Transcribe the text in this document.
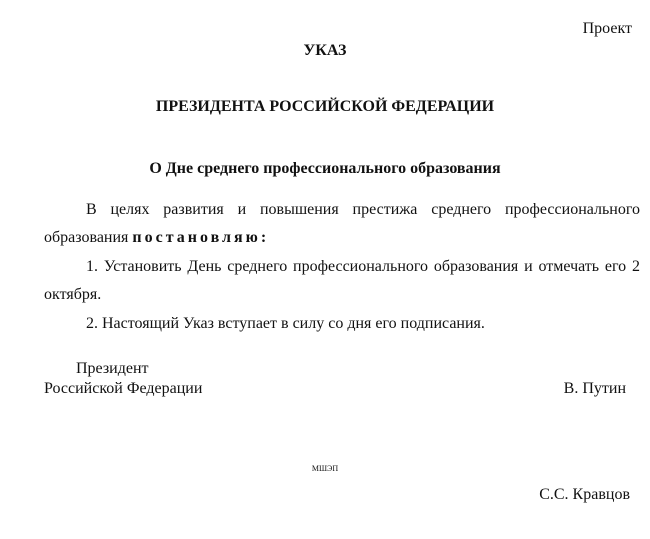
Проект
УКАЗ
ПРЕЗИДЕНТА РОССИЙСКОЙ ФЕДЕРАЦИИ
О Дне среднего профессионального образования
В целях развития и повышения престижа среднего профессионального образования постановляю:
1. Установить День среднего профессионального образования и отмечать его 2 октября.
2. Настоящий Указ вступает в силу со дня его подписания.
Президент
Российской Федерации	В. Путин
МШЭП
С.С. Кравцов
